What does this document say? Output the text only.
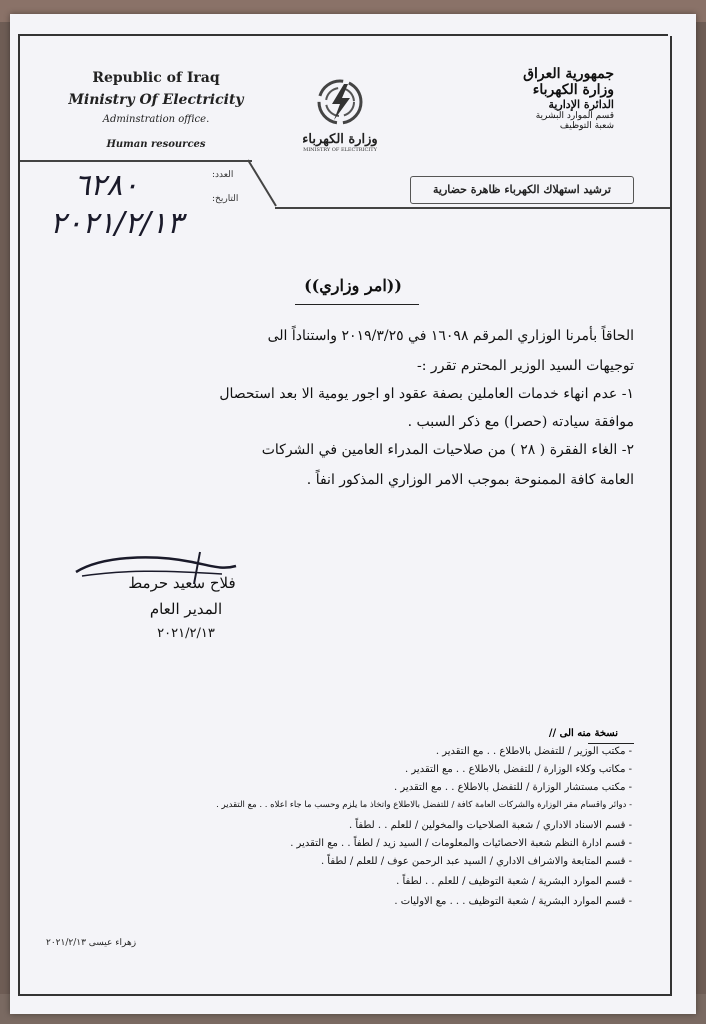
Republic of Iraq
Ministry Of Electricity
Adminstration office.
Human resources	وزارة الكهرباء
MINISTRY OF ELECTRICITY
جمهورية العراق
وزارة الكهرباء
الدائرة الإدارية
قسم الموارد البشرية
شعبة التوظيف
ترشيد استهلاك الكهرباء ظاهرة حضارية
العدد:
التاريخ:
٦٢٨٠
٢٠٢١/٢/١٣
((امر وزاري))
الحاقاً بأمرنا الوزاري المرقم ١٦٠٩٨ في ٢٠١٩/٣/٢٥ واستناداً الى
توجيهات السيد الوزير المحترم تقرر :-
١- عدم انهاء خدمات العاملين بصفة عقود او اجور يومية الا بعد استحصال
موافقة سيادته (حصرا) مع ذكر السبب .
٢- الغاء الفقرة ( ٢٨ ) من صلاحيات المدراء العامين في الشركات
العامة كافة الممنوحة بموجب الامر الوزاري المذكور انفاً .
فلاح سعيد حرمط
المدير العام
٢٠٢١/٢/١٣
نسخة منه الى //
- مكتب الوزير / للتفضل بالاطلاع . . مع التقدير .
- مكاتب وكلاء الوزارة / للتفضل بالاطلاع . . مع التقدير .
- مكتب مستشار الوزارة / للتفضل بالاطلاع . . مع التقدير .
- دوائر واقسام مقر الوزارة والشركات العامة كافة / للتفضل بالاطلاع واتخاذ ما يلزم وحسب ما جاء اعلاه . . مع التقدير .
- قسم الاسناد الاداري / شعبة الصلاحيات والمخولين / للعلم . . لطفاً .
- قسم ادارة النظم شعبة الاحصائيات والمعلومات / السيد زيد / لطفاً . . مع التقدير .
- قسم المتابعة والاشراف الاداري / السيد عبد الرحمن عوف / للعلم / لطفاً .
- قسم الموارد البشرية / شعبة التوظيف / للعلم . . لطفاً .
- قسم الموارد البشرية / شعبة التوظيف . . . مع الاوليات .
زهراء عيسى ٢٠٢١/٢/١٣
